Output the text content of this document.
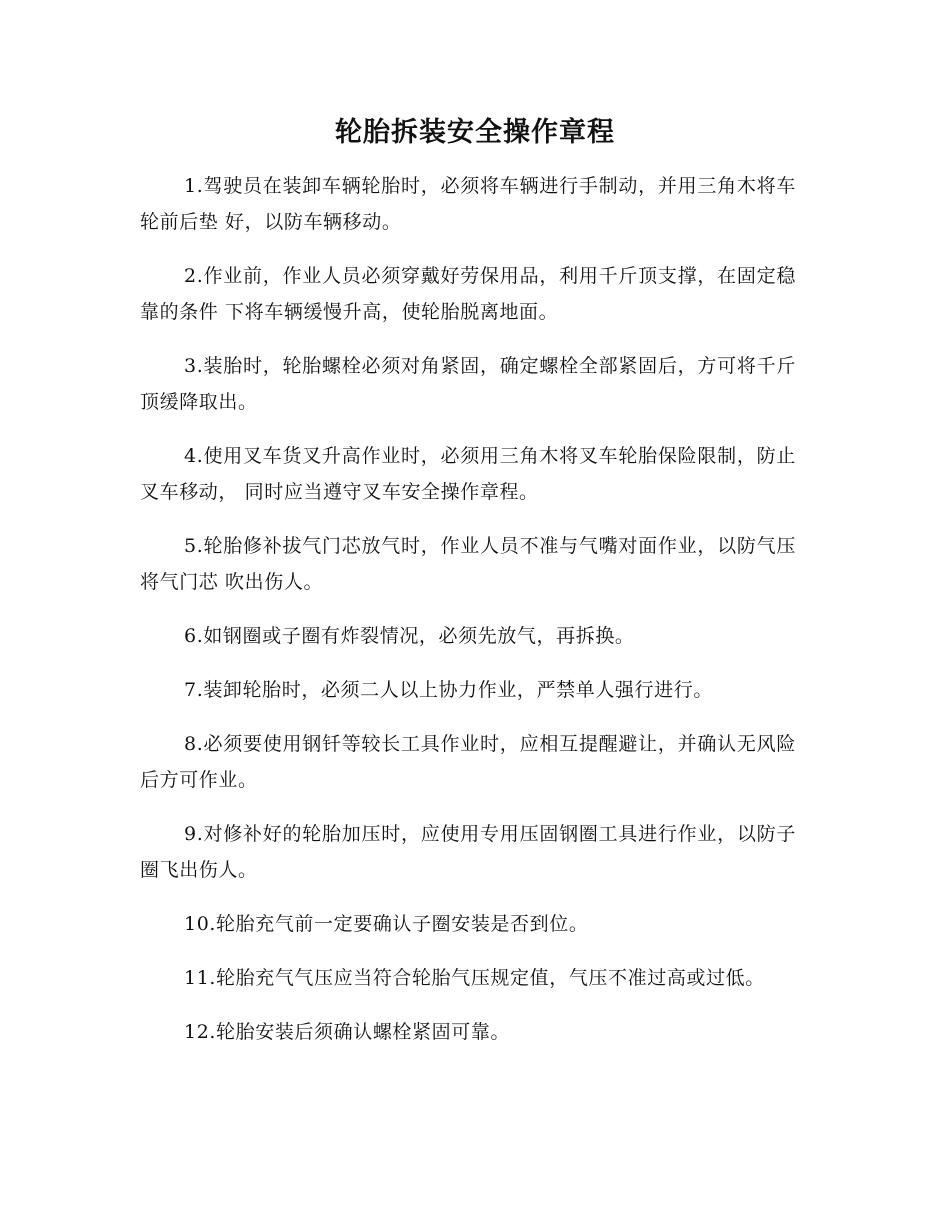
轮胎拆装安全操作章程

1.驾驶员在装卸车辆轮胎时，必须将车辆进行手制动，并用三角木将车轮前后垫 好，以防车辆移动。

2.作业前，作业人员必须穿戴好劳保用品，利用千斤顶支撑，在固定稳靠的条件 下将车辆缓慢升高，使轮胎脱离地面。

3.装胎时，轮胎螺栓必须对角紧固，确定螺栓全部紧固后，方可将千斤顶缓降取出。

4.使用叉车货叉升高作业时，必须用三角木将叉车轮胎保险限制，防止叉车移动， 同时应当遵守叉车安全操作章程。

5.轮胎修补拔气门芯放气时，作业人员不准与气嘴对面作业，以防气压将气门芯 吹出伤人。

6.如钢圈或子圈有炸裂情况，必须先放气，再拆换。

7.装卸轮胎时，必须二人以上协力作业，严禁单人强行进行。

8.必须要使用钢钎等较长工具作业时，应相互提醒避让，并确认无风险后方可作业。

9.对修补好的轮胎加压时，应使用专用压固钢圈工具进行作业，以防子圈飞出伤人。

10.轮胎充气前一定要确认子圈安装是否到位。

11.轮胎充气气压应当符合轮胎气压规定值，气压不准过高或过低。

12.轮胎安装后须确认螺栓紧固可靠。
